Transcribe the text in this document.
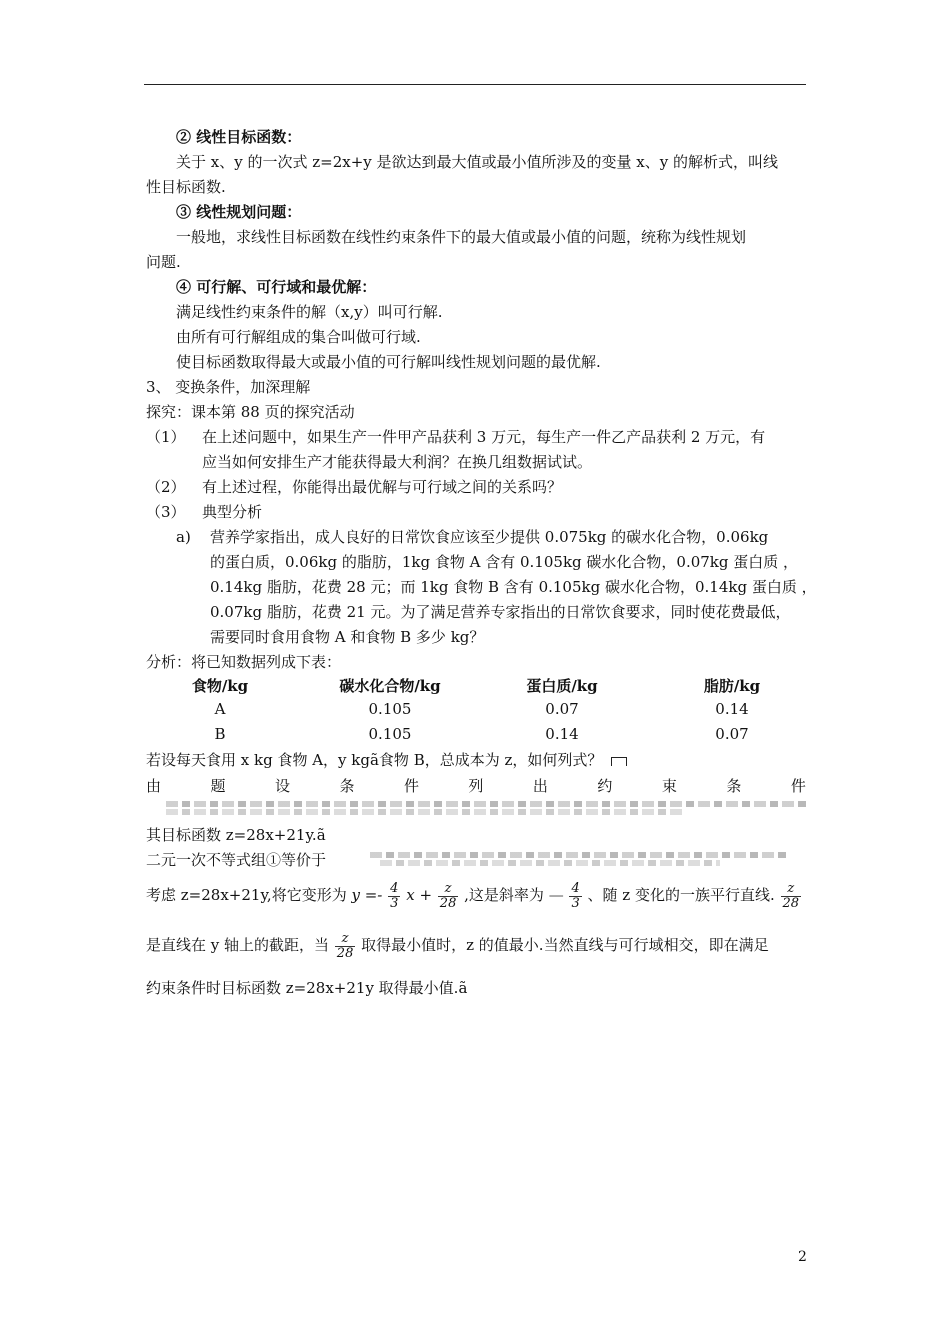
② 线性目标函数：
关于 x、y 的一次式 z=2x+y 是欲达到最大值或最小值所涉及的变量 x、y 的解析式，叫线
性目标函数.
③ 线性规划问题：
一般地，求线性目标函数在线性约束条件下的最大值或最小值的问题，统称为线性规划
问题.
④ 可行解、可行域和最优解：
满足线性约束条件的解（x,y）叫可行解.
由所有可行解组成的集合叫做可行域.
使目标函数取得最大或最小值的可行解叫线性规划问题的最优解.
3、 变换条件，加深理解
探究：课本第 88 页的探究活动
（1） 在上述问题中，如果生产一件甲产品获利 3 万元，每生产一件乙产品获利 2 万元，有
应当如何安排生产才能获得最大利润？在换几组数据试试。
（2） 有上述过程，你能得出最优解与可行域之间的关系吗？
（3） 典型分析
a) 营养学家指出，成人良好的日常饮食应该至少提供 0.075kg 的碳水化合物，0.06kg
的蛋白质，0.06kg 的脂肪，1kg 食物 A 含有 0.105kg 碳水化合物，0.07kg 蛋白质 ，
0.14kg 脂肪，花费 28 元；而 1kg 食物 B 含有 0.105kg 碳水化合物，0.14kg 蛋白质 ，
0.07kg 脂肪，花费 21 元。为了满足营养专家指出的日常饮食要求，同时使花费最低，
需要同时食用食物 A 和食物 B 多少 kg？
分析：将已知数据列成下表：
食物/kg	碳水化合物/kg	蛋白质/kg	脂肪/kg
A	0.105	0.07	0.14
B	0.105	0.14	0.07
若设每天食用 x kg 食物 A，y kgã食物 B，总成本为 z，如何列式？
由	题	设	条	件	列	出	约	束	条	件
其目标函数 z=28x+21y.ã
二元一次不等式组①等价于
考虑 z=28x+21y,将它变形为 $y =- \frac{4}{3}$ $x + \frac{z}{28}$ ,这是斜率为 — $\frac{4}{3}$ 、随 z 变化的一族平行直线. $\frac{z}{28}$
是直线在 y 轴上的截距，当 $\frac{z}{28}$ 取得最小值时，z 的值最小.当然直线与可行域相交，即在满足
约束条件时目标函数 z=28x+21y 取得最小值.ã
2
